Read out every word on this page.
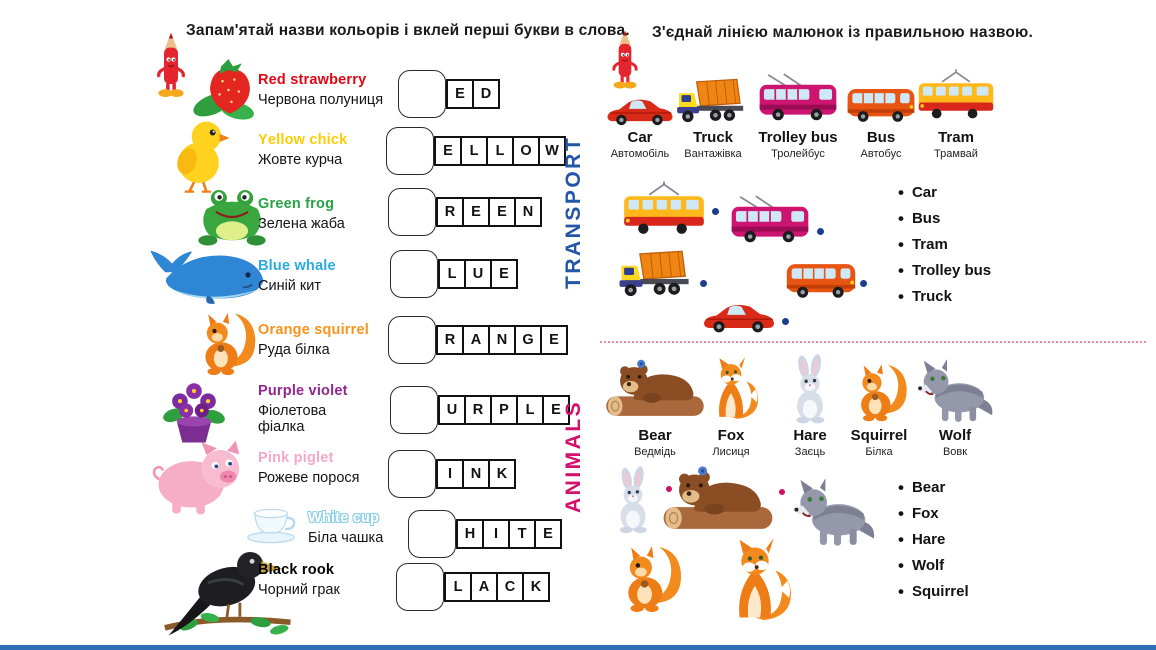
Запам'ятай назви кольорів і вклей перші букви в слова.
Red strawberry
Червона полуниця	E	D
Yellow chick
Жовте курча
E	L	L	O W
Green frog
Зелена жаба
R	E	E	N
Blue whale
Синій кит
L	U	E
Orange squirrel
Руда білка
R	A	N	G	E
Purple violet
Фіолетова фіалка
U	R	P	L	E
Pink piglet
Рожеве порося	I	N	K
White cup
Біла чашка	H	I	T	E
Black rook
Чорний грак	L	A	C	K
З'єднай лінією малюнок із правильною назвою.
TRANSPORT
ANIMALS
Car
Автомобіль
Truck
Вантажівка
Trolley bus
Тролейбус
Bus
Автобус
Tram
Трамвай
• Car
• Bus
• Tram
• Trolley bus
• Truck
Bear
Ведмідь
Fox
Лисиця
Hare
Заєць
Squirrel
Білка
Wolf
Вовк
• Bear
• Fox
• Hare
• Wolf
• Squirrel
